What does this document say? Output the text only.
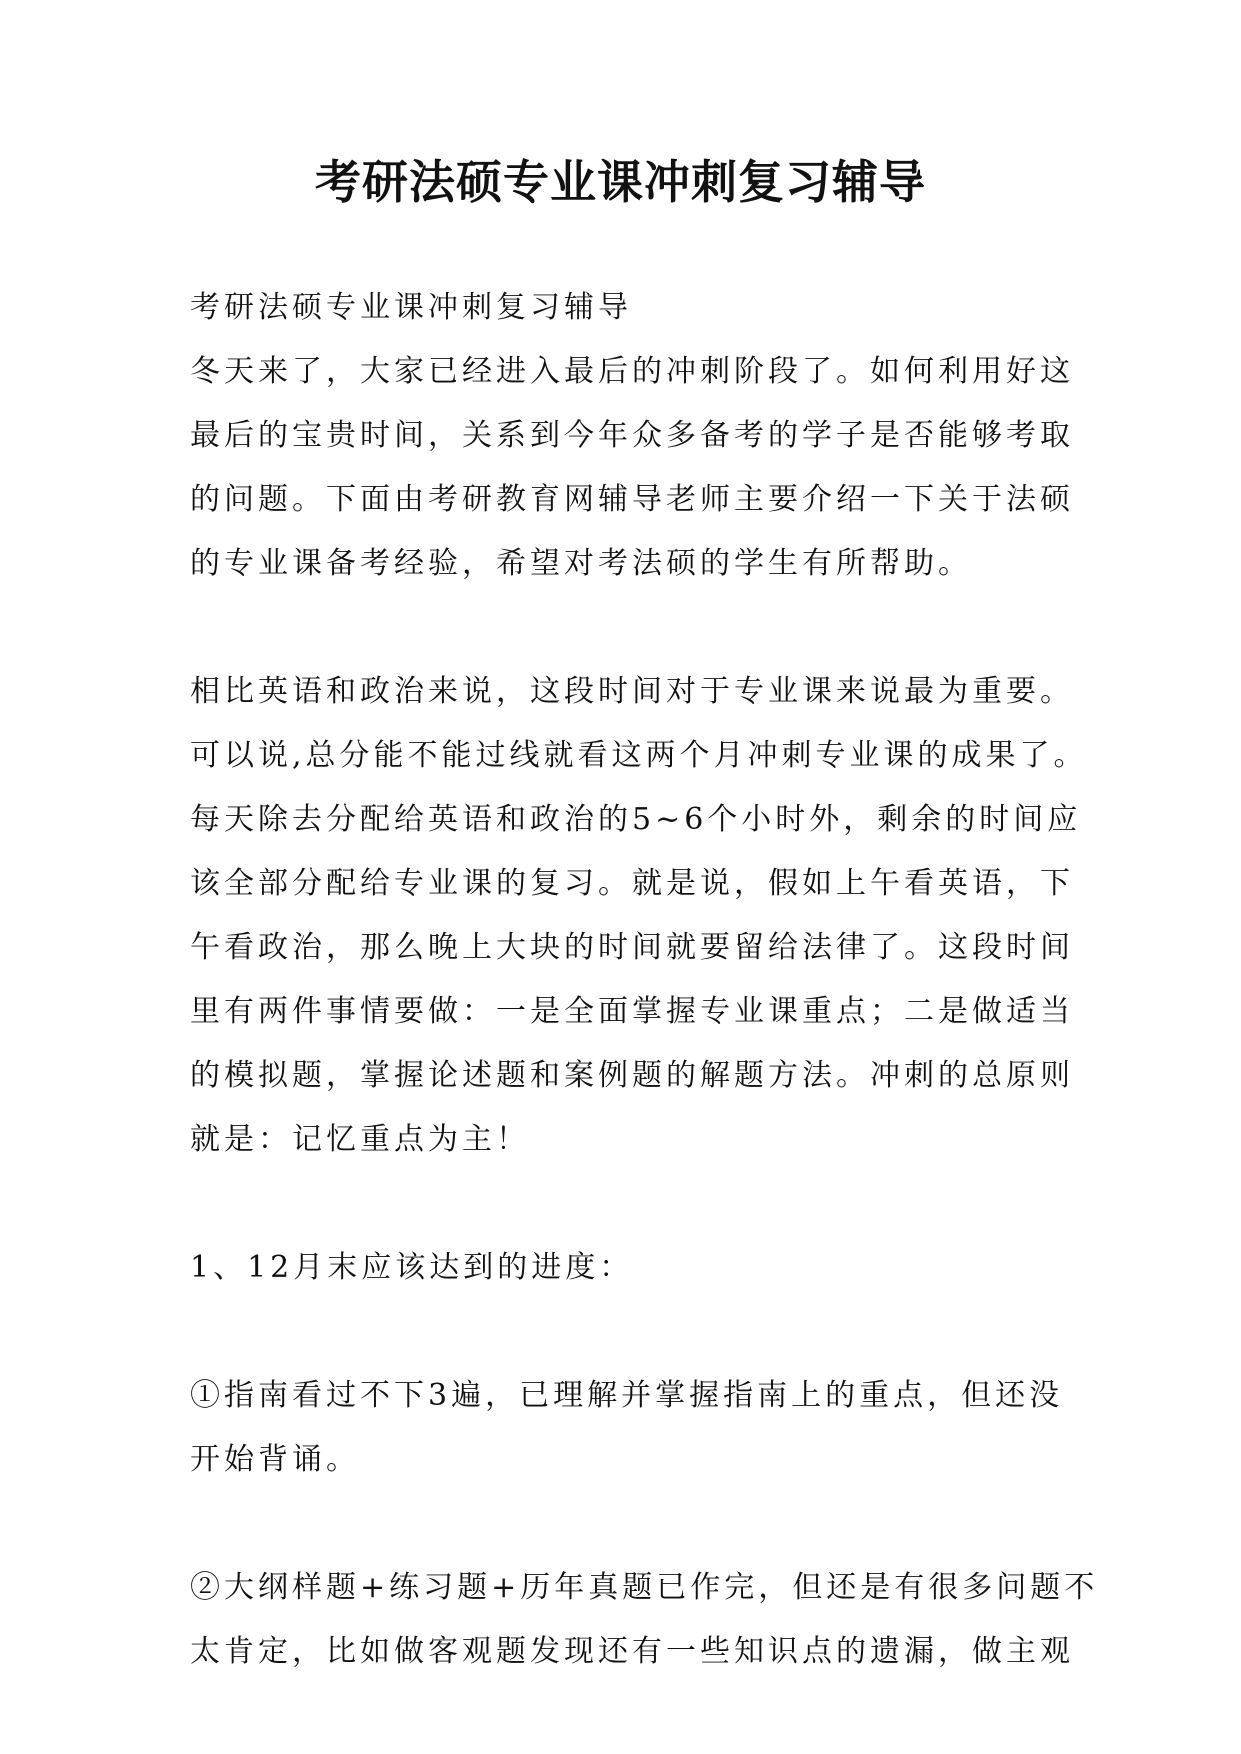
考研法硕专业课冲刺复习辅导
考研法硕专业课冲刺复习辅导
冬天来了，大家已经进入最后的冲刺阶段了。如何利用好这
最后的宝贵时间，关系到今年众多备考的学子是否能够考取
的问题。下面由考研教育网辅导老师主要介绍一下关于法硕
的专业课备考经验，希望对考法硕的学生有所帮助。
相比英语和政治来说，这段时间对于专业课来说最为重要。
可以说,总分能不能过线就看这两个月冲刺专业课的成果了。
每天除去分配给英语和政治的5~6个小时外，剩余的时间应
该全部分配给专业课的复习。就是说，假如上午看英语，下
午看政治，那么晚上大块的时间就要留给法律了。这段时间
里有两件事情要做：一是全面掌握专业课重点；二是做适当
的模拟题，掌握论述题和案例题的解题方法。冲刺的总原则
就是：记忆重点为主！
1、12月末应该达到的进度：
①指南看过不下3遍，已理解并掌握指南上的重点，但还没
开始背诵。
②大纲样题+练习题+历年真题已作完，但还是有很多问题不
太肯定，比如做客观题发现还有一些知识点的遗漏，做主观
